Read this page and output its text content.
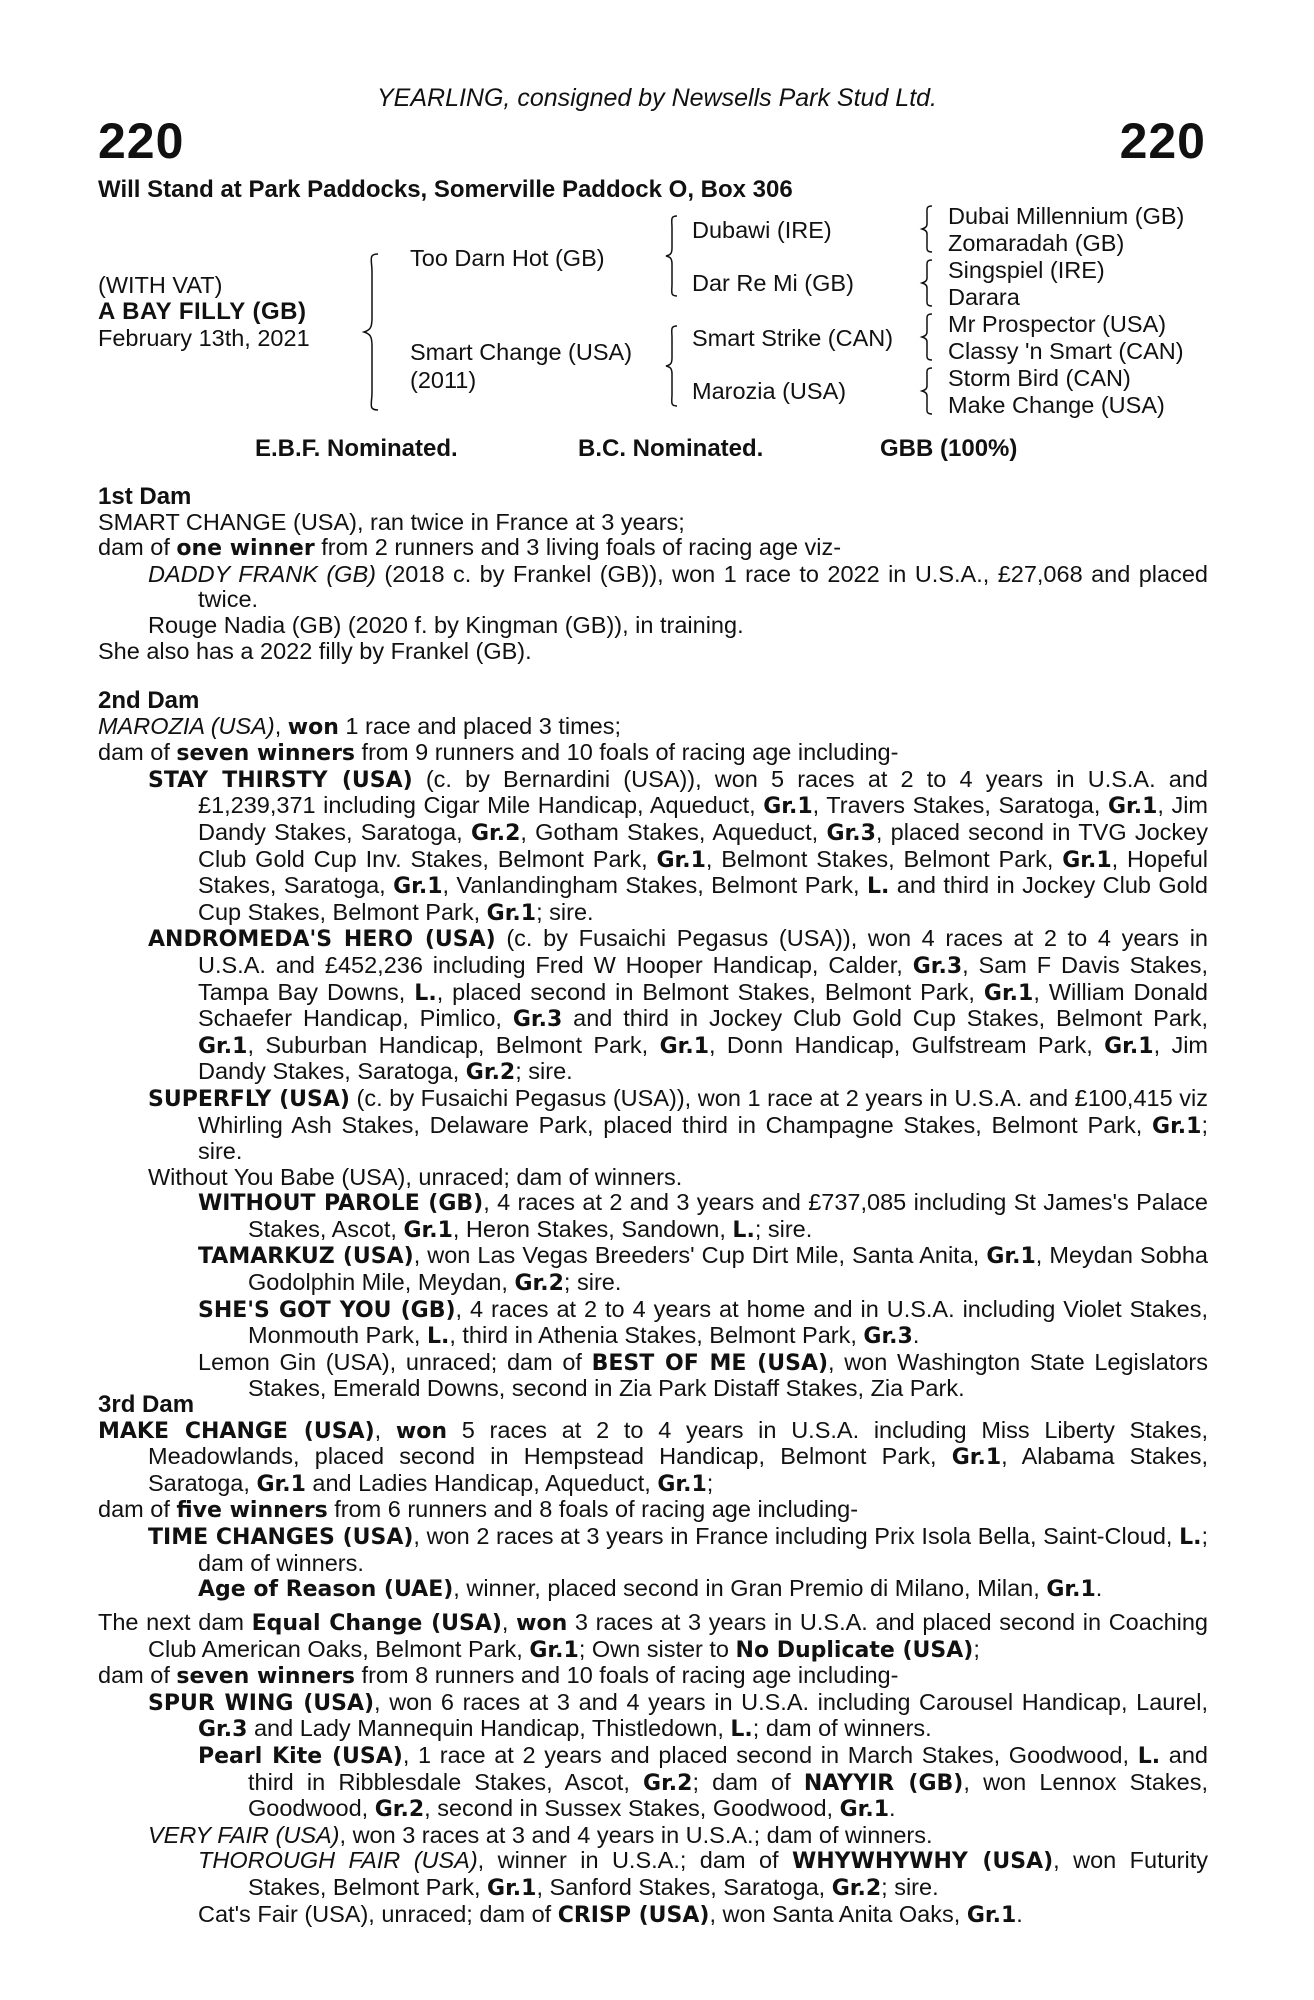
YEARLING, consigned by Newsells Park Stud Ltd.
220	220
Will Stand at Park Paddocks, Somerville Paddock O, Box 306
(WITH VAT)
A BAY FILLY (GB)
February 13th, 2021
Too Darn Hot (GB)
Smart Change (USA)
(2011)
Dubawi (IRE)
Dar Re Mi (GB)
Smart Strike (CAN)
Marozia (USA)
Dubai Millennium (GB)
Zomaradah (GB)
Singspiel (IRE)
Darara
Mr Prospector (USA)
Classy 'n Smart (CAN)
Storm Bird (CAN)
Make Change (USA)
E.B.F. Nominated.	B.C. Nominated.	GBB (100%)

1st Dam

SMART CHANGE (USA), ran twice in France at 3 years;

dam of one winner from 2 runners and 3 living foals of racing age viz-

DADDY FRANK (GB) (2018 c. by Frankel (GB)), won 1 race to 2022 in U.S.A., £27,068 and placed twice.

Rouge Nadia (GB) (2020 f. by Kingman (GB)), in training.

She also has a 2022 filly by Frankel (GB).

2nd Dam

MAROZIA (USA), won 1 race and placed 3 times;

dam of seven winners from 9 runners and 10 foals of racing age including-

STAY THIRSTY (USA) (c. by Bernardini (USA)), won 5 races at 2 to 4 years in U.S.A. and £1,239,371 including Cigar Mile Handicap, Aqueduct, Gr.1, Travers Stakes, Saratoga, Gr.1, Jim Dandy Stakes, Saratoga, Gr.2, Gotham Stakes, Aqueduct, Gr.3, placed second in TVG Jockey Club Gold Cup Inv. Stakes, Belmont Park, Gr.1, Belmont Stakes, Belmont Park, Gr.1, Hopeful Stakes, Saratoga, Gr.1, Vanlandingham Stakes, Belmont Park, L. and third in Jockey Club Gold Cup Stakes, Belmont Park, Gr.1; sire.

ANDROMEDA'S HERO (USA) (c. by Fusaichi Pegasus (USA)), won 4 races at 2 to 4 years in U.S.A. and £452,236 including Fred W Hooper Handicap, Calder, Gr.3, Sam F Davis Stakes, Tampa Bay Downs, L., placed second in Belmont Stakes, Belmont Park, Gr.1, William Donald Schaefer Handicap, Pimlico, Gr.3 and third in Jockey Club Gold Cup Stakes, Belmont Park, Gr.1, Suburban Handicap, Belmont Park, Gr.1, Donn Handicap, Gulfstream Park, Gr.1, Jim Dandy Stakes, Saratoga, Gr.2; sire.

SUPERFLY (USA) (c. by Fusaichi Pegasus (USA)), won 1 race at 2 years in U.S.A. and £100,415 viz Whirling Ash Stakes, Delaware Park, placed third in Champagne Stakes, Belmont Park, Gr.1; sire.

Without You Babe (USA), unraced; dam of winners.

WITHOUT PAROLE (GB), 4 races at 2 and 3 years and £737,085 including St James's Palace Stakes, Ascot, Gr.1, Heron Stakes, Sandown, L.; sire.

TAMARKUZ (USA), won Las Vegas Breeders' Cup Dirt Mile, Santa Anita, Gr.1, Meydan Sobha Godolphin Mile, Meydan, Gr.2; sire.

SHE'S GOT YOU (GB), 4 races at 2 to 4 years at home and in U.S.A. including Violet Stakes, Monmouth Park, L., third in Athenia Stakes, Belmont Park, Gr.3.

Lemon Gin (USA), unraced; dam of BEST OF ME (USA), won Washington State Legislators Stakes, Emerald Downs, second in Zia Park Distaff Stakes, Zia Park.

3rd Dam

MAKE CHANGE (USA), won 5 races at 2 to 4 years in U.S.A. including Miss Liberty Stakes, Meadowlands, placed second in Hempstead Handicap, Belmont Park, Gr.1, Alabama Stakes, Saratoga, Gr.1 and Ladies Handicap, Aqueduct, Gr.1;

dam of five winners from 6 runners and 8 foals of racing age including-

TIME CHANGES (USA), won 2 races at 3 years in France including Prix Isola Bella, Saint-Cloud, L.; dam of winners.

Age of Reason (UAE), winner, placed second in Gran Premio di Milano, Milan, Gr.1.

The next dam Equal Change (USA), won 3 races at 3 years in U.S.A. and placed second in Coaching Club American Oaks, Belmont Park, Gr.1; Own sister to No Duplicate (USA);

dam of seven winners from 8 runners and 10 foals of racing age including-

SPUR WING (USA), won 6 races at 3 and 4 years in U.S.A. including Carousel Handicap, Laurel, Gr.3 and Lady Mannequin Handicap, Thistledown, L.; dam of winners.

Pearl Kite (USA), 1 race at 2 years and placed second in March Stakes, Goodwood, L. and third in Ribblesdale Stakes, Ascot, Gr.2; dam of NAYYIR (GB), won Lennox Stakes, Goodwood, Gr.2, second in Sussex Stakes, Goodwood, Gr.1.

VERY FAIR (USA), won 3 races at 3 and 4 years in U.S.A.; dam of winners.

THOROUGH FAIR (USA), winner in U.S.A.; dam of WHYWHYWHY (USA), won Futurity Stakes, Belmont Park, Gr.1, Sanford Stakes, Saratoga, Gr.2; sire.

Cat's Fair (USA), unraced; dam of CRISP (USA), won Santa Anita Oaks, Gr.1.
